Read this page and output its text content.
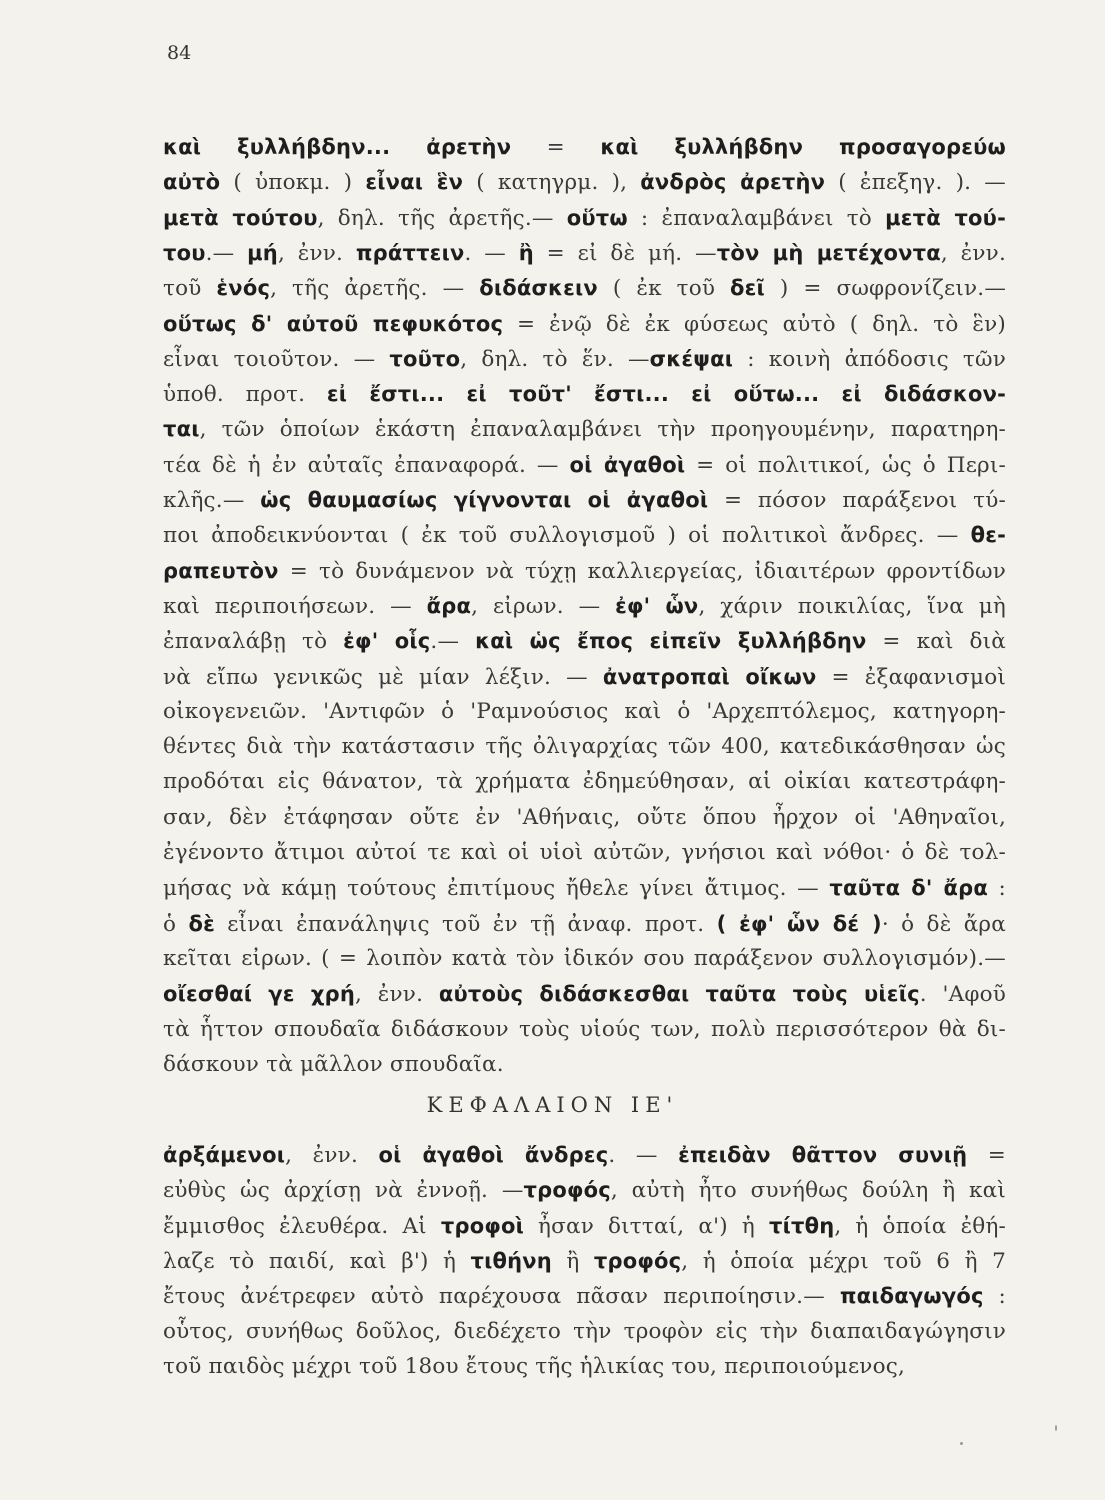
84
καὶ ξυλλήβδην... ἀρετὴν = καὶ ξυλλήβδην προσαγορεύω
αὐτὸ ( ὑποκμ. ) εἶναι ἓν ( κατηγρμ. ), ἀνδρὸς ἀρετὴν ( ἐπεξηγ. ). —
μετὰ τούτου, δηλ. τῆς ἀρετῆς.— οὕτω : ἐπαναλαμβάνει τὸ μετὰ τού-
του.— μή, ἐνν. πράττειν. — ἢ = εἰ δὲ μή. —τὸν μὴ μετέχοντα, ἐνν.
τοῦ ἑνός, τῆς ἀρετῆς. — διδάσκειν ( ἐκ τοῦ δεῖ ) = σωφρονίζειν.—
οὕτως δ' αὐτοῦ πεφυκότος = ἐνῷ δὲ ἐκ φύσεως αὐτὸ ( δηλ. τὸ ἓν)
εἶναι τοιοῦτον. — τοῦτο, δηλ. τὸ ἕν. —σκέψαι : κοινὴ ἀπόδοσις τῶν
ὑποθ. προτ. εἰ ἔστι... εἰ τοῦτ' ἔστι... εἰ οὕτω... εἰ διδάσκον-
ται, τῶν ὁποίων ἑκάστη ἐπαναλαμβάνει τὴν προηγουμένην, παρατηρη-
τέα δὲ ἡ ἐν αὐταῖς ἐπαναφορά. — οἱ ἀγαθοὶ = οἱ πολιτικοί, ὡς ὁ Περι-
κλῆς.— ὡς θαυμασίως γίγνονται οἱ ἀγαθοὶ = πόσον παράξενοι τύ-
ποι ἀποδεικνύονται ( ἐκ τοῦ συλλογισμοῦ ) οἱ πολιτικοὶ ἄνδρες. — θε-
ραπευτὸν = τὸ δυνάμενον νὰ τύχῃ καλλιεργείας, ἰδιαιτέρων φροντίδων
καὶ περιποιήσεων. — ἄρα, εἰρων. — ἐφ' ὧν, χάριν ποικιλίας, ἵνα μὴ
ἐπαναλάβῃ τὸ ἐφ' οἷς.— καὶ ὡς ἔπος εἰπεῖν ξυλλήβδην = καὶ διὰ
νὰ εἴπω γενικῶς μὲ μίαν λέξιν. — ἀνατροπαὶ οἴκων = ἐξαφανισμοὶ
οἰκογενειῶν. 'Αντιφῶν ὁ 'Ραμνούσιος καὶ ὁ 'Αρχεπτόλεμος, κατηγορη-
θέντες διὰ τὴν κατάστασιν τῆς ὀλιγαρχίας τῶν 400, κατεδικάσθησαν ὡς
προδόται εἰς θάνατον, τὰ χρήματα ἐδημεύθησαν, αἱ οἰκίαι κατεστράφη-
σαν, δὲν ἐτάφησαν οὔτε ἐν 'Αθήναις, οὔτε ὅπου ἦρχον οἱ 'Αθηναῖοι,
ἐγένοντο ἄτιμοι αὐτοί τε καὶ οἱ υἱοὶ αὐτῶν, γνήσιοι καὶ νόθοι· ὁ δὲ τολ-
μήσας νὰ κάμῃ τούτους ἐπιτίμους ἤθελε γίνει ἄτιμος. — ταῦτα δ' ἄρα :
ὁ δὲ εἶναι ἐπανάληψις τοῦ ἐν τῇ ἀναφ. προτ. ( ἐφ' ὧν δέ )· ὁ δὲ ἄρα
κεῖται εἰρων. ( = λοιπὸν κατὰ τὸν ἰδικόν σου παράξενον συλλογισμόν).—
οἴεσθαί γε χρή, ἐνν. αὐτοὺς διδάσκεσθαι ταῦτα τοὺς υἱεῖς. 'Αφοῦ
τὰ ἧττον σπουδαῖα διδάσκουν τοὺς υἱούς των, πολὺ περισσότερον θὰ δι-
δάσκουν τὰ μᾶλλον σπουδαῖα.
ΚΕΦΑΛΑΙΟΝ ΙΕ'
ἀρξάμενοι, ἐνν. οἱ ἀγαθοὶ ἄνδρες. — ἐπειδὰν θᾶττον συνιῇ =
εὐθὺς ὡς ἀρχίσῃ νὰ ἐννοῇ. —τροφός, αὐτὴ ἦτο συνήθως δούλη ἢ καὶ
ἔμμισθος ἐλευθέρα. Αἱ τροφοὶ ἦσαν διτταί, α') ἡ τίτθη, ἡ ὁποία ἐθή-
λαζε τὸ παιδί, καὶ β') ἡ τιθήνη ἢ τροφός, ἡ ὁποία μέχρι τοῦ 6 ἢ 7
ἔτους ἀνέτρεφεν αὐτὸ παρέχουσα πᾶσαν περιποίησιν.— παιδαγωγός :
οὗτος, συνήθως δοῦλος, διεδέχετο τὴν τροφὸν εἰς τὴν διαπαιδαγώγησιν
τοῦ παιδὸς μέχρι τοῦ 18ου ἔτους τῆς ἡλικίας του, περιποιούμενος,
